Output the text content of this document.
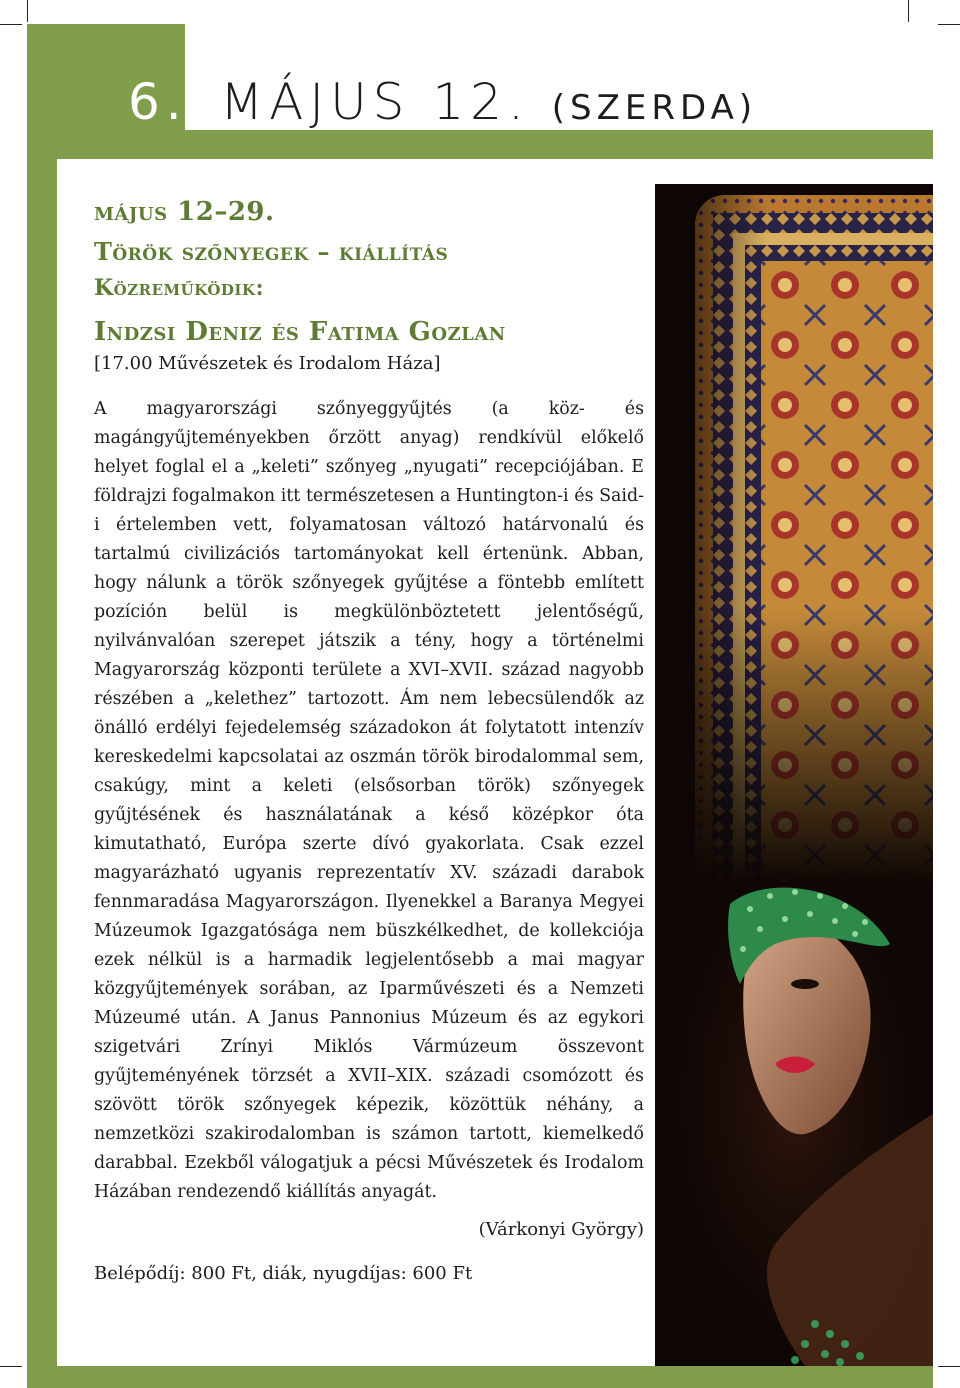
6. MÁJUS 12. (SZERDA)

május 12–29.

Török szőnyegek – kiállítás

Közreműködik:

Indzsi Deniz és Fatima Gozlan

[17.00 Művészetek és Irodalom Háza]
A magyarországi szőnyeggyűjtés (a köz- és magángyűjteményekben őrzött anyag) rendkívül előkelő helyet foglal el a „keleti” szőnyeg „nyugati” recepciójában. E földrajzi fogalmakon itt természetesen a Huntington-i és Said-i értelemben vett, folyamatosan változó határvonalú és tartalmú civilizációs tartományokat kell értenünk. Abban, hogy nálunk a török szőnyegek gyűjtése a föntebb említett pozíción belül is megkülönböztetett jelentőségű, nyilvánvalóan szerepet játszik a tény, hogy a történelmi Magyarország központi területe a XVI–XVII. század nagyobb részében a „kelethez” tartozott. Ám nem lebecsülendők az önálló erdélyi fejedelemség századokon át folytatott intenzív kereskedelmi kapcsolatai az oszmán török birodalommal sem, csakúgy, mint a keleti (elsősorban török) szőnyegek gyűjtésének és használatának a késő középkor óta kimutatható, Európa szerte dívó gyakorlata. Csak ezzel magyarázható ugyanis reprezentatív XV. századi darabok fennmaradása Magyarországon. Ilyenekkel a Baranya Megyei Múzeumok Igazgatósága nem büszkélkedhet, de kollekciója ezek nélkül is a harmadik legjelentősebb a mai magyar közgyűjtemények sorában, az Iparművészeti és a Nemzeti Múzeumé után. A Janus Pannonius Múzeum és az egykori szigetvári Zrínyi Miklós Vármúzeum összevont gyűjteményének törzsét a XVII–XIX. századi csomózott és szövött török szőnyegek képezik, közöttük néhány, a nemzetközi szakirodalomban is számon tartott, kiemelkedő darabbal. Ezekből válogatjuk a pécsi Művészetek és Irodalom Házában rendezendő kiállítás anyagát.
(Várkonyi György)
Belépődíj: 800 Ft, diák, nyugdíjas: 600 Ft
